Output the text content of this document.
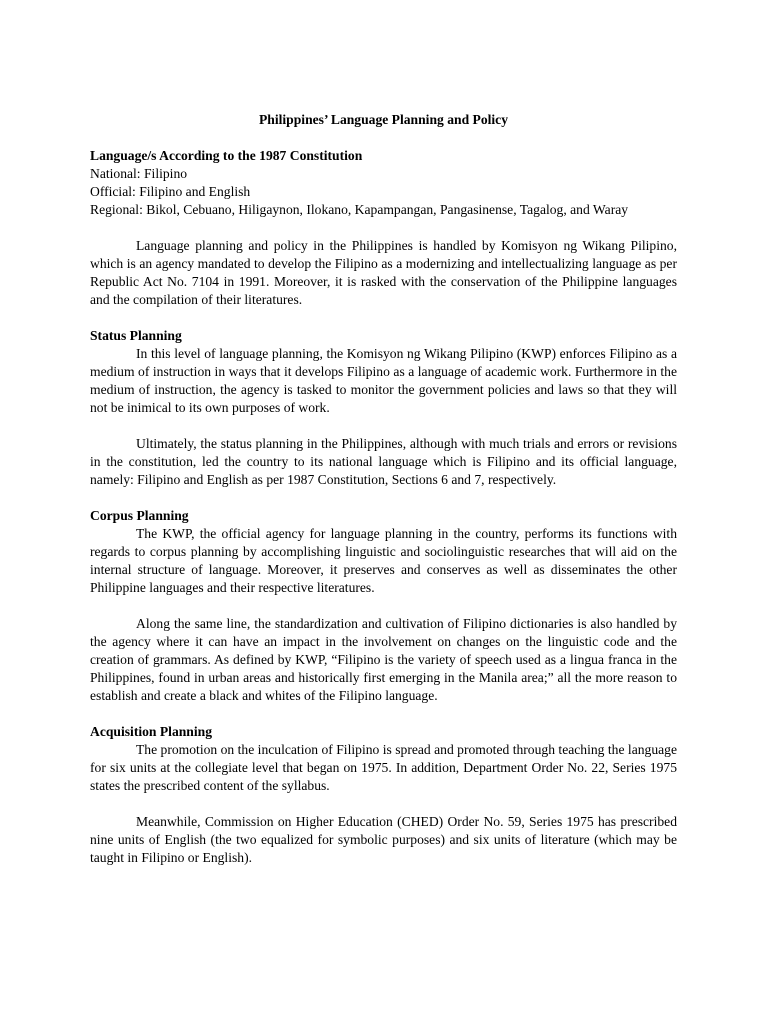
Philippines’ Language Planning and Policy

Language/s According to the 1987 Constitution

National: Filipino

Official: Filipino and English

Regional: Bikol, Cebuano, Hiligaynon, Ilokano, Kapampangan, Pangasinense, Tagalog, and Waray

Language planning and policy in the Philippines is handled by Komisyon ng Wikang Pilipino, which is an agency mandated to develop the Filipino as a modernizing and intellectualizing language as per Republic Act No. 7104 in 1991. Moreover, it is rasked with the conservation of the Philippine languages and the compilation of their literatures.

Status Planning

In this level of language planning, the Komisyon ng Wikang Pilipino (KWP) enforces Filipino as a medium of instruction in ways that it develops Filipino as a language of academic work. Furthermore in the medium of instruction, the agency is tasked to monitor the government policies and laws so that they will not be inimical to its own purposes of work.

Ultimately, the status planning in the Philippines, although with much trials and errors or revisions in the constitution, led the country to its national language which is Filipino and its official language, namely: Filipino and English as per 1987 Constitution, Sections 6 and 7, respectively.

Corpus Planning

The KWP, the official agency for language planning in the country, performs its functions with regards to corpus planning by accomplishing linguistic and sociolinguistic researches that will aid on the internal structure of language. Moreover, it preserves and conserves as well as disseminates the other Philippine languages and their respective literatures.

Along the same line, the standardization and cultivation of Filipino dictionaries is also handled by the agency where it can have an impact in the involvement on changes on the linguistic code and the creation of grammars. As defined by KWP, “Filipino is the variety of speech used as a lingua franca in the Philippines, found in urban areas and historically first emerging in the Manila area;” all the more reason to establish and create a black and whites of the Filipino language.

Acquisition Planning

The promotion on the inculcation of Filipino is spread and promoted through teaching the language for six units at the collegiate level that began on 1975. In addition, Department Order No. 22, Series 1975 states the prescribed content of the syllabus.

Meanwhile, Commission on Higher Education (CHED) Order No. 59, Series 1975 has prescribed nine units of English (the two equalized for symbolic purposes) and six units of literature (which may be taught in Filipino or English).
